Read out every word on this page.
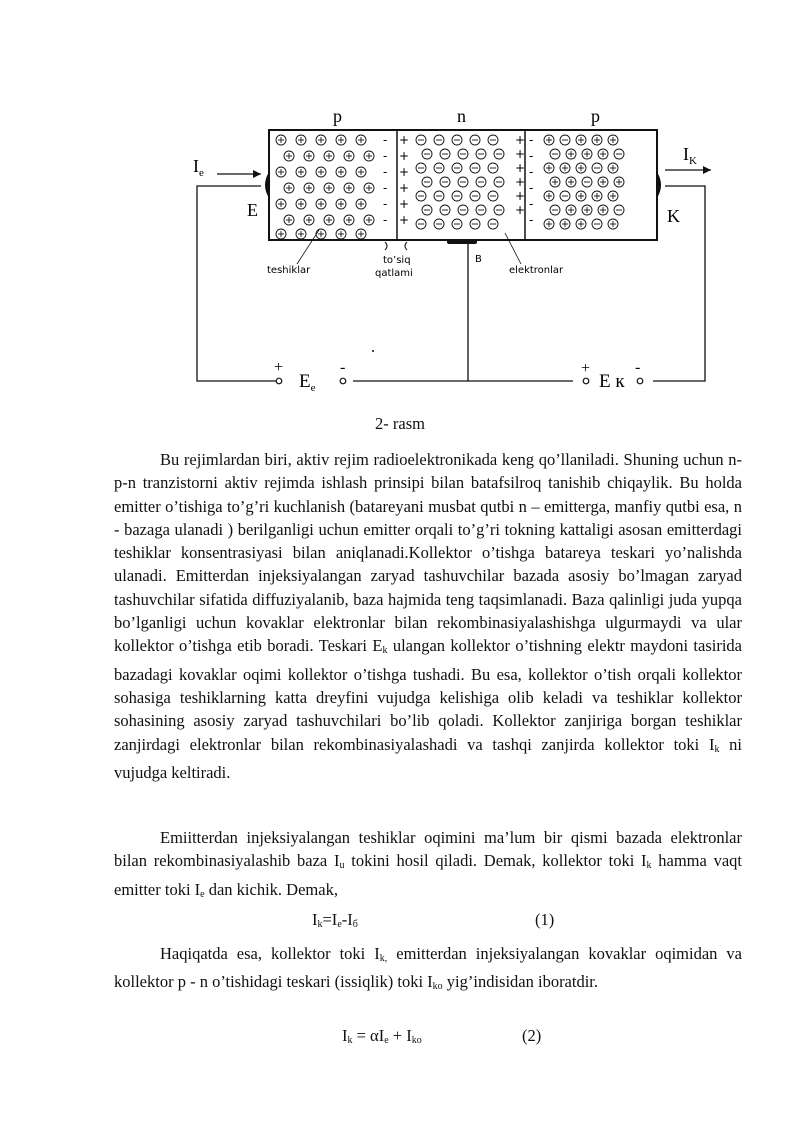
p	n	p
-
-
-
-
-
-
+
+
+
+
+
+
+
+
+
+
+
+
-
-
-
-
-
-
$I_e$
$I_K$
E	K
teshiklar
to’siq
qatlami
B
elektronlar
+
$E_e$
-	+
E к
-
2- rasm

Bu rejimlardan biri, aktiv rejim radioelektronikada keng qo’llaniladi. Shuning uchun n-p-n tranzistorni aktiv rejimda ishlash prinsipi bilan batafsilroq tanishib chiqaylik. Bu holda emitter o’tishiga to’g’ri kuchlanish (batareyani musbat qutbi n – emitterga, manfiy qutbi esa, n - bazaga ulanadi ) berilganligi uchun emitter orqali to’g’ri tokning kattaligi asosan emitterdagi teshiklar konsentrasiyasi bilan aniqlanadi.Kollektor o’tishga batareya teskari yo’nalishda ulanadi. Emitterdan injeksiyalangan zaryad tashuvchilar bazada asosiy bo’lmagan zaryad tashuvchilar sifatida diffuziyalanib, baza hajmida teng taqsimlanadi. Baza qalinligi juda yupqa bo’lganligi uchun kovaklar elektronlar bilan rekombinasiyalashishga ulgurmaydi va ular kollektor o’tishga etib boradi. Teskari $E_k$ ulangan kollektor o’tishning elektr maydoni tasirida bazadagi kovaklar oqimi kollektor o’tishga tushadi. Bu esa, kollektor o’tish orqali kollektor sohasiga teshiklarning katta dreyfini vujudga kelishiga olib keladi va teshiklar kollektor sohasining asosiy zaryad tashuvchilari bo’lib qoladi. Kollektor zanjiriga borgan teshiklar zanjirdagi elektronlar bilan rekombinasiyalashadi va tashqi zanjirda kollektor toki $I_k$ ni vujudga keltiradi.

Emiitterdan injeksiyalangan teshiklar oqimini ma’lum bir qismi bazada elektronlar bilan rekombinasiyalashib baza $I_u$ tokini hosil qiladi. Demak, kollektor toki $I_k$ hamma vaqt emitter toki $I_e$ dan kichik. Demak,

$I_k=I_e-I_б$	(1)

Haqiqatda esa, kollektor toki $I_{k,}$ emitterdan injeksiyalangan kovaklar oqimidan va kollektor p - n o’tishidagi teskari (issiqlik) toki $I_{ko}$ yig’indisidan iboratdir.

$I_k = \alpha I_e + I_{ko}$	(2)
